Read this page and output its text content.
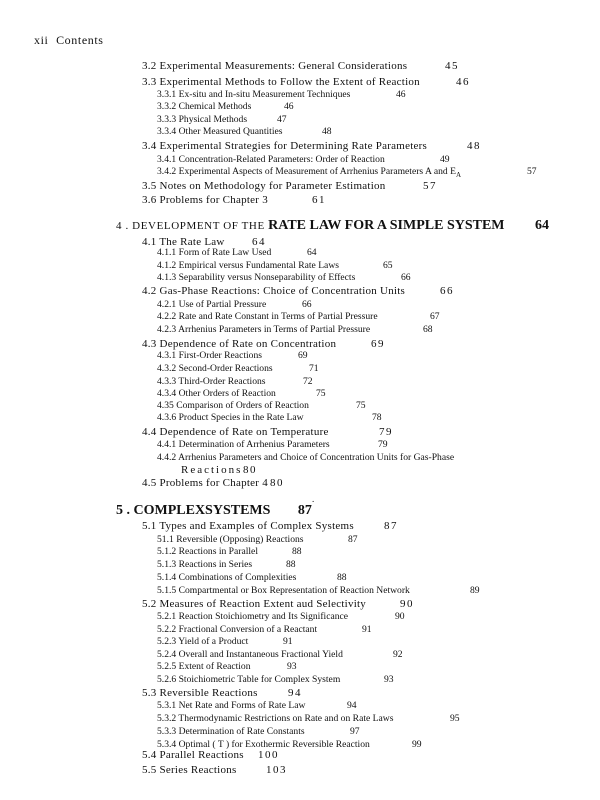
xii Contents
3.2 Experimental Measurements: General Considerations	45
3.3 Experimental Methods to Follow the Extent of Reaction	46
3.3.1 Ex-situ and In-situ Measurement Techniques	46
3.3.2 Chemical Methods	46
3.3.3 Physical Methods	47
3.3.4 Other Measured Quantities	48
3.4 Experimental Strategies for Determining Rate Parameters	48
3.4.1 Concentration-Related Parameters: Order of Reaction	49
3.4.2 Experimental Aspects of Measurement of Arrhenius Parameters A and $E_A$	57
3.5 Notes on Methodology for Parameter Estimation	57
3.6 Problems for Chapter 3	61
4 . DEVELOPMENT OF THE RATE LAW FOR A SIMPLE SYSTEM 64
4.1 The Rate Law 64
4.1.1 Form of Rate Law Used	64
4.1.2 Empirical versus Fundamental Rate Laws	65
4.1.3 Separability versus Nonseparability of Effects	66
4.2 Gas-Phase Reactions: Choice of Concentration Units	66
4.2.1 Use of Partial Pressure	66
4.2.2 Rate and Rate Constant in Terms of Partial Pressure	67
4.2.3 Arrhenius Parameters in Terms of Partial Pressure	68
4.3 Dependence of Rate on Concentration	69
4.3.1 First-Order Reactions	69
4.3.2 Second-Order Reactions	71
4.3.3 Third-Order Reactions	72
4.3.4 Other Orders of Reaction	75
4.35 Comparison of Orders of Reaction	75
4.3.6 Product Species in the Rate Law	78
4.4 Dependence of Rate on Temperature	79
4.4.1 Determination of Arrhenius Parameters	79
4.4.2 Arrhenius Parameters and Choice of Concentration Units for Gas-Phase
Reactions 80
4.5 Problems for Chapter 4 80
.
5 . COMPLEXSYSTEMS 87
5.1 Types and Examples of Complex Systems	87
51.1 Reversible (Opposing) Reactions	87
5.1.2 Reactions in Parallel	88
5.1.3 Reactions in Series	88
5.1.4 Combinations of Complexities	88
5.1.5 Compartmental or Box Representation of Reaction Network	89
5.2 Measures of Reaction Extent aud Selectivity	90
5.2.1 Reaction Stoichiometry and Its Significance	90
5.2.2 Fractional Conversion of a Reactant	91
5.2.3 Yield of a Product	91
5.2.4 Overall and Instantaneous Fractional Yield	92
5.2.5 Extent of Reaction	93
5.2.6 Stoichiometric Table for Complex System	93
5.3 Reversible Reactions	94
5.3.1 Net Rate and Forms of Rate Law	94
5.3.2 Thermodynamic Restrictions on Rate and on Rate Laws	95
5.3.3 Determination of Rate Constants	97
5.3.4 Optimal ( T ) for Exothermic Reversible Reaction	99
5.4 Parallel Reactions 100
5.5 Series Reactions	103
